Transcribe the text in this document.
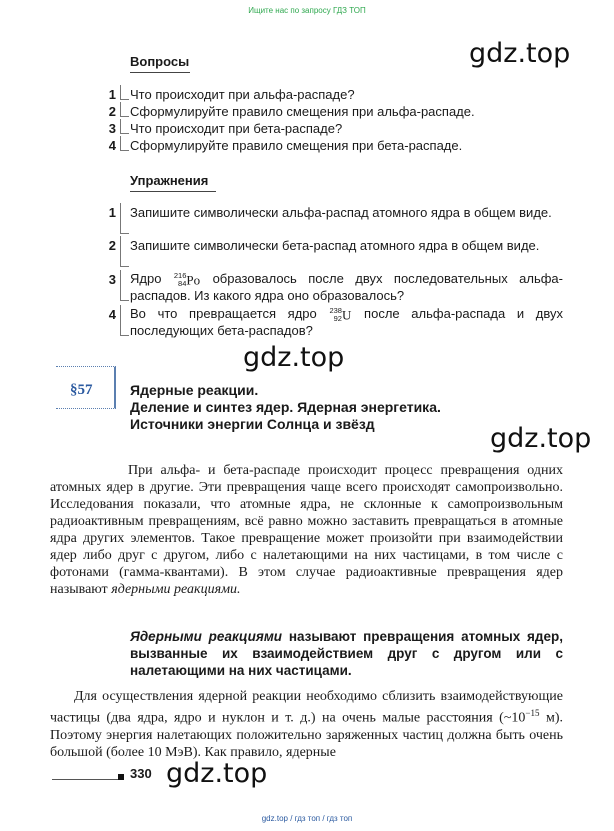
Ищите нас по запросу ГДЗ ТОП
gdz.top
Вопросы
1 Что происходит при альфа-распаде?
2 Сформулируйте правило смещения при альфа-распаде.
3 Что происходит при бета-распаде?
4 Сформулируйте правило смещения при бета-распаде.
Упражнения
1 Запишите символически альфа-распад атомного ядра в общем виде.
2 Запишите символически бета-распад атомного ядра в общем виде.
3 Ядро 216
84 Po образовалось после двух последовательных альфа-распадов. Из какого ядра оно образовалось?
4 Во что превращается ядро 238
92 U после альфа-распада и двух последующих бета-распадов?
gdz.top
§57	Ядерные реакции.
Деление и синтез ядер. Ядерная энергетика.
Источники энергии Солнца и звёзд	gdz.top
При альфа- и бета-распаде происходит процесс превращения одних атомных ядер в другие. Эти превращения чаще всего происходят самопроизвольно. Исследования показали, что атомные ядра, не склонные к самопроизвольным радиоактивным превращениям, всё равно можно заставить превращаться в атомные ядра других элементов. Такое превращение может произойти при взаимодействии ядер либо друг с другом, либо с налетающими на них частицами, в том числе с фотонами (гамма-квантами). В этом случае радиоактивные превращения ядер называют ядерными реакциями.
Ядерными реакциями называют превращения атомных ядер, вызванные их взаимодействием друг с другом или с налетающими на них частицами.
Для осуществления ядерной реакции необходимо сблизить взаимодействующие частицы (два ядра, ядро и нуклон и т. д.) на очень малые расстояния ($\sim 10^{-15}$ м). Поэтому энергия налетающих положительно заряженных частиц должна быть очень большой (более 10 МэВ). Как правило, ядерные
330 gdz.top
gdz.top / гдз топ / гдз топ
